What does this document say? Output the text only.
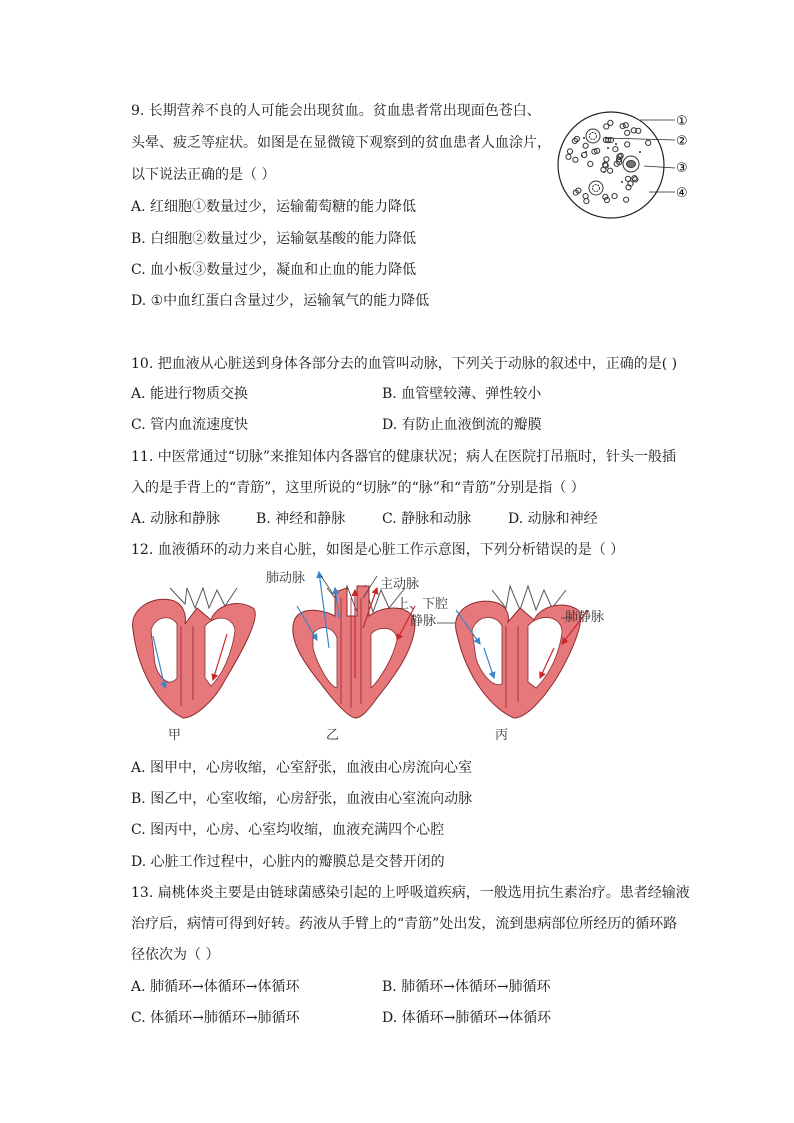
9. 长期营养不良的人可能会出现贫血。贫血患者常出现面色苍白、
头晕、疲乏等症状。如图是在显微镜下观察到的贫血患者人血涂片，
以下说法正确的是（ ）
A. 红细胞①数量过少，运输葡萄糖的能力降低
B. 白细胞②数量过少，运输氨基酸的能力降低
C. 血小板③数量过少，凝血和止血的能力降低
D. ①中血红蛋白含量过少，运输氧气的能力降低
①
②
③
④
10. 把血液从心脏送到身体各部分去的血管叫动脉，下列关于动脉的叙述中，正确的是( )
A. 能进行物质交换	B. 血管壁较薄、弹性较小
C. 管内血流速度快	D. 有防止血液倒流的瓣膜
11. 中医常通过“切脉”来推知体内各器官的健康状况；病人在医院打吊瓶时，针头一般插
入的是手背上的“青筋”，这里所说的“切脉”的“脉”和“青筋”分别是指（ ）
A. 动脉和静脉	B. 神经和静脉	C. 静脉和动脉	D. 动脉和神经
12. 血液循环的动力来自心脏，如图是心脏工作示意图，下列分析错误的是（ ）
肺动脉	主动脉
上、下腔
静脉	肺静脉
甲	乙	丙
A. 图甲中，心房收缩，心室舒张，血液由心房流向心室
B. 图乙中，心室收缩，心房舒张，血液由心室流向动脉
C. 图丙中，心房、心室均收缩，血液充满四个心腔
D. 心脏工作过程中，心脏内的瓣膜总是交替开闭的
13. 扁桃体炎主要是由链球菌感染引起的上呼吸道疾病，一般选用抗生素治疗。患者经输液
治疗后，病情可得到好转。药液从手臂上的“青筋”处出发，流到患病部位所经历的循环路
径依次为（ ）
A. 肺循环→体循环→体循环	B. 肺循环→体循环→肺循环
C. 体循环→肺循环→肺循环	D. 体循环→肺循环→体循环
